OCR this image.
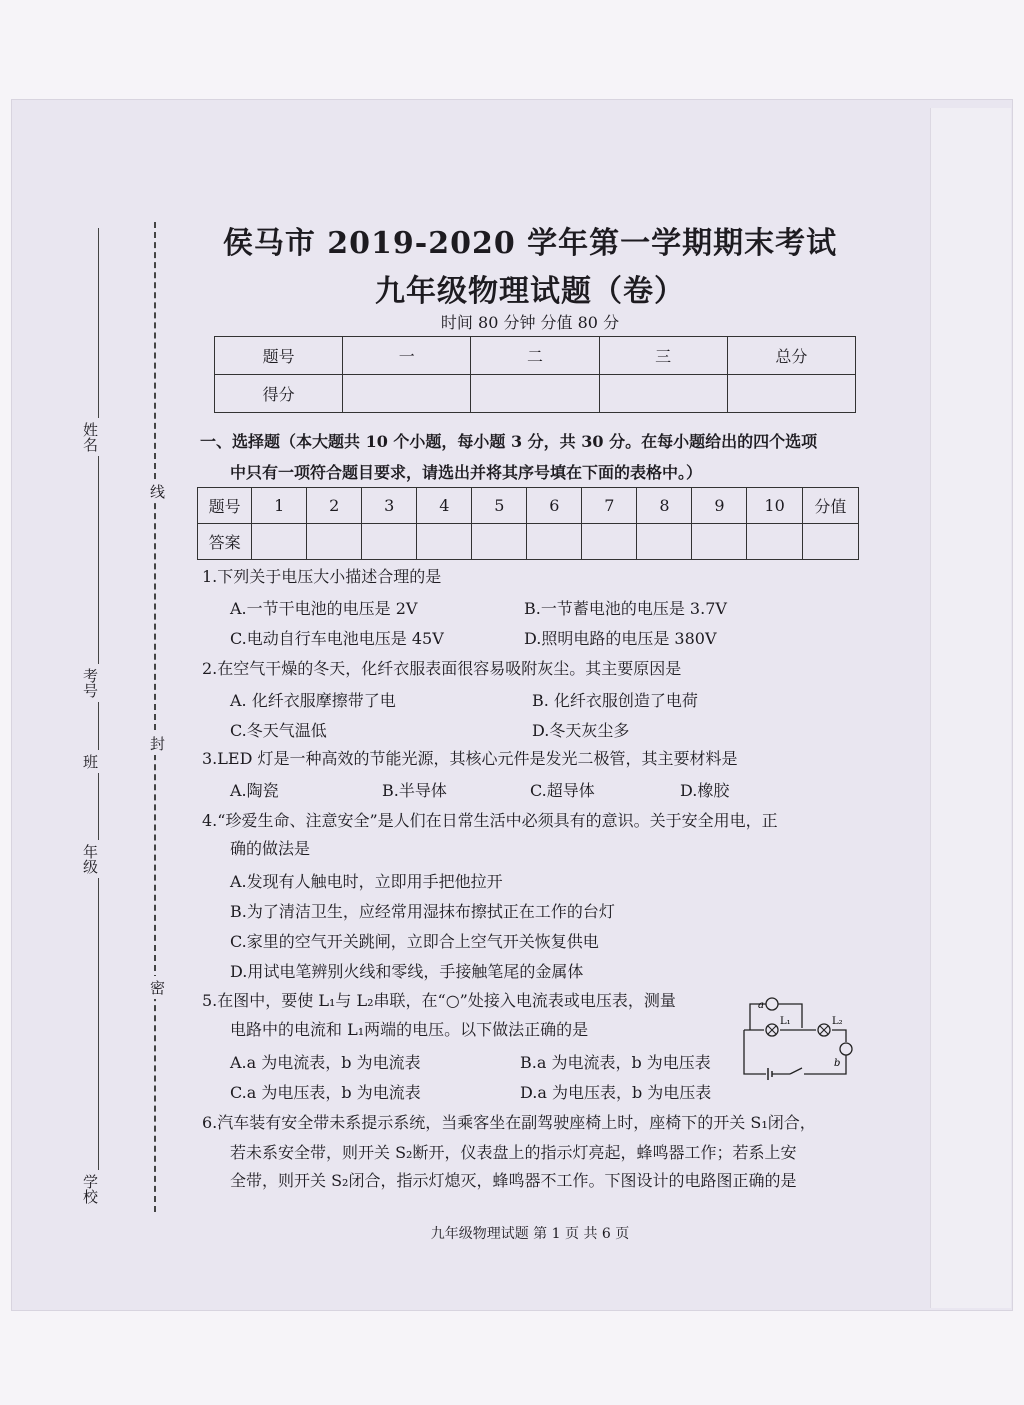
姓名
考号
班
年级
学校
线
封
密
侯马市 2019-2020 学年第一学期期末考试
九年级物理试题（卷）
时间 80 分钟 分值 80 分
题号	一	二	三	总分
得分				
一、选择题（本大题共 10 个小题，每小题 3 分，共 30 分。在每小题给出的四个选项
中只有一项符合题目要求，请选出并将其序号填在下面的表格中。）
题号	1	2	3	4	5	6	7	8	9	10	分值
答案											
1.下列关于电压大小描述合理的是
A.一节干电池的电压是 2V	B.一节蓄电池的电压是 3.7V
C.电动自行车电池电压是 45V	D.照明电路的电压是 380V
2.在空气干燥的冬天，化纤衣服表面很容易吸附灰尘。其主要原因是
A. 化纤衣服摩擦带了电	B. 化纤衣服创造了电荷
C.冬天气温低	D.冬天灰尘多
3.LED 灯是一种高效的节能光源，其核心元件是发光二极管，其主要材料是
A.陶瓷	B.半导体	C.超导体	D.橡胶
4.“珍爱生命、注意安全”是人们在日常生活中必须具有的意识。关于安全用电，正
确的做法是
A.发现有人触电时，立即用手把他拉开
B.为了清洁卫生，应经常用湿抹布擦拭正在工作的台灯
C.家里的空气开关跳闸，立即合上空气开关恢复供电
D.用试电笔辨别火线和零线，手接触笔尾的金属体
5.在图中，要使 L₁与 L₂串联，在“○”处接入电流表或电压表，测量
电路中的电流和 L₁两端的电压。以下做法正确的是
A.a 为电流表，b 为电流表	B.a 为电流表，b 为电压表
C.a 为电压表，b 为电流表	D.a 为电压表，b 为电压表
a
L₁	L₂
b
6.汽车装有安全带未系提示系统，当乘客坐在副驾驶座椅上时，座椅下的开关 S₁闭合，
若未系安全带，则开关 S₂断开，仪表盘上的指示灯亮起，蜂鸣器工作；若系上安
全带，则开关 S₂闭合，指示灯熄灭，蜂鸣器不工作。下图设计的电路图正确的是
九年级物理试题 第 1 页 共 6 页
